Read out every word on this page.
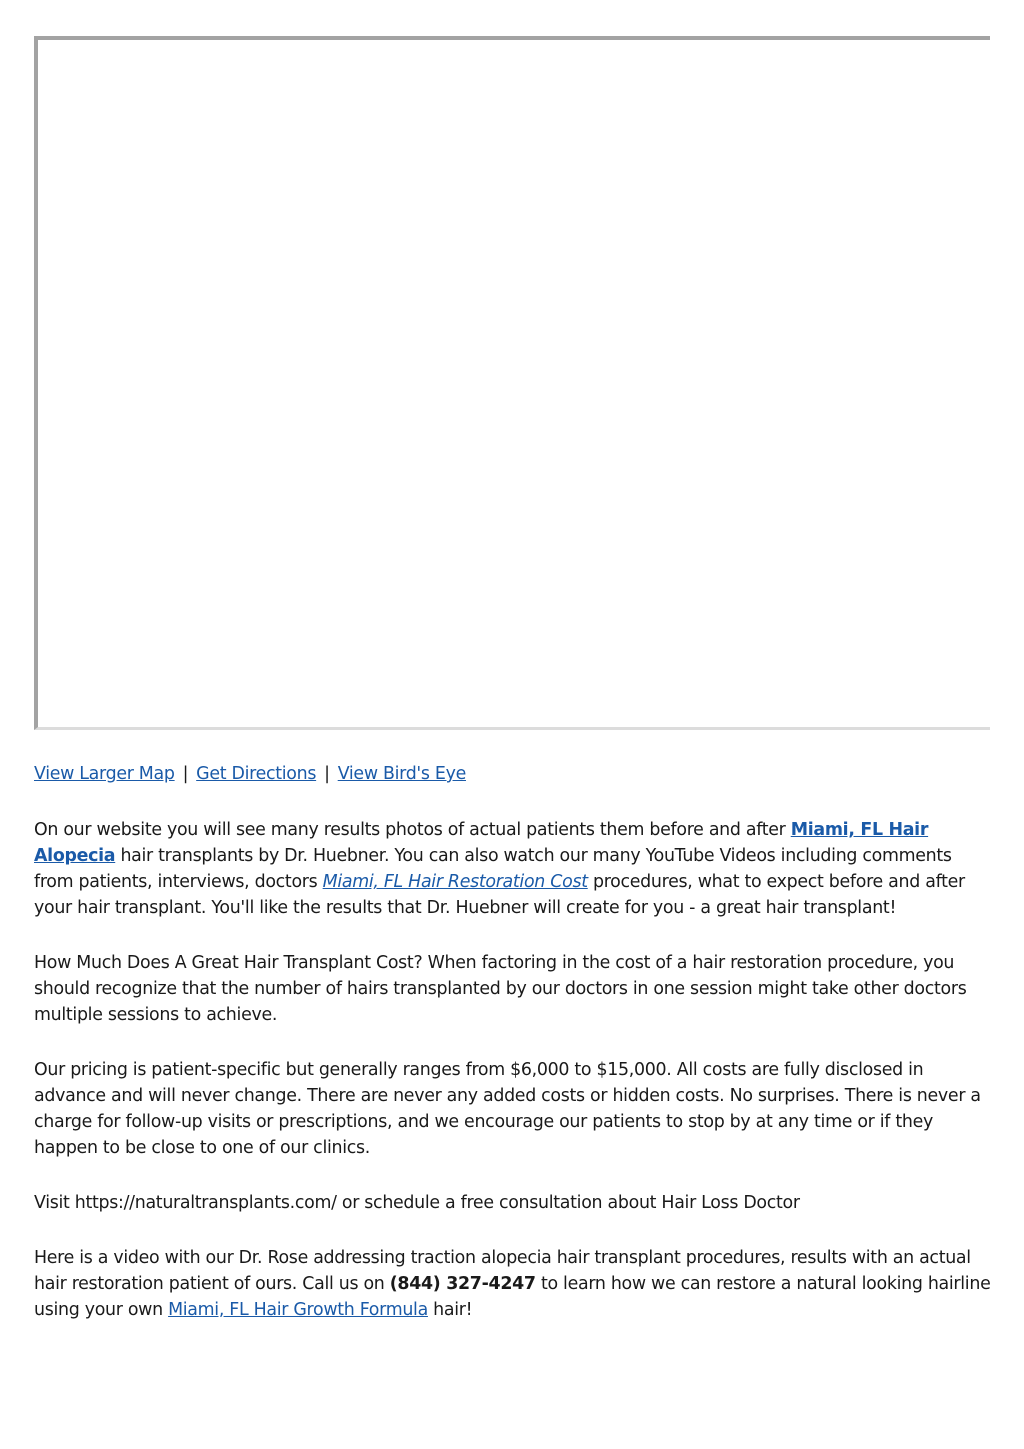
View Larger Map | Get Directions | View Bird's Eye

On our website you will see many results photos of actual patients them before and after Miami, FL Hair Alopecia hair transplants by Dr. Huebner. You can also watch our many YouTube Videos including comments from patients, interviews, doctors Miami, FL Hair Restoration Cost procedures, what to expect before and after your hair transplant. You'll like the results that Dr. Huebner will create for you - a great hair transplant!

How Much Does A Great Hair Transplant Cost? When factoring in the cost of a hair restoration procedure, you should recognize that the number of hairs transplanted by our doctors in one session might take other doctors multiple sessions to achieve.

Our pricing is patient-specific but generally ranges from $6,000 to $15,000. All costs are fully disclosed in advance and will never change. There are never any added costs or hidden costs. No surprises. There is never a charge for follow-up visits or prescriptions, and we encourage our patients to stop by at any time or if they happen to be close to one of our clinics.

Visit https://naturaltransplants.com/ or schedule a free consultation about Hair Loss Doctor

Here is a video with our Dr. Rose addressing traction alopecia hair transplant procedures, results with an actual hair restoration patient of ours. Call us on (844) 327-4247 to learn how we can restore a natural looking hairline using your own Miami, FL Hair Growth Formula hair!
